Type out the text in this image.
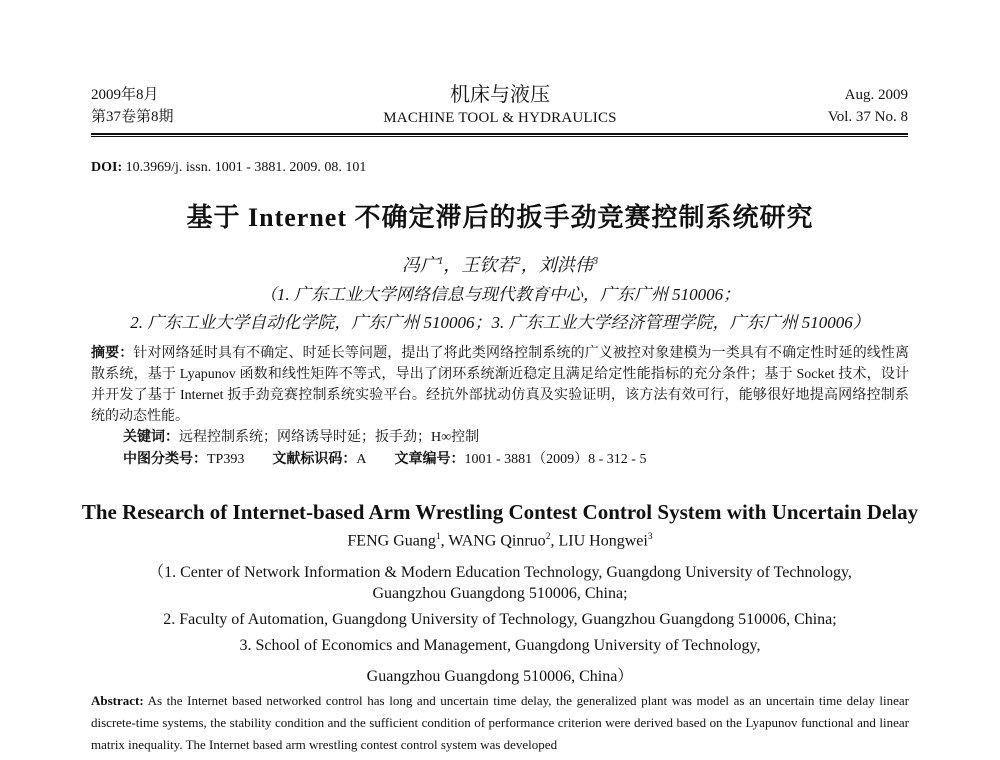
2009年8月
第37卷第8期
机床与液压
MACHINE TOOL & HYDRAULICS
Aug. 2009
Vol. 37 No. 8
DOI: 10.3969/j. issn. 1001 - 3881. 2009. 08. 101
基于 Internet 不确定滞后的扳手劲竞赛控制系统研究
冯广$^1$，王钦若$^2$，刘洪伟$^3$
（1. 广东工业大学网络信息与现代教育中心，广东广州 510006；
2. 广东工业大学自动化学院，广东广州 510006；3. 广东工业大学经济管理学院，广东广州 510006）
摘要：针对网络延时具有不确定、时延长等问题，提出了将此类网络控制系统的广义被控对象建模为一类具有不确定性时延的线性离散系统，基于 Lyapunov 函数和线性矩阵不等式，导出了闭环系统渐近稳定且满足给定性能指标的充分条件；基于 Socket 技术，设计并开发了基于 Internet 扳手劲竞赛控制系统实验平台。经抗外部扰动仿真及实验证明，该方法有效可行，能够很好地提高网络控制系统的动态性能。
关键词：远程控制系统；网络诱导时延；扳手劲；H∞控制
中图分类号：TP393 文献标识码：A 文章编号：1001 - 3881（2009）8 - 312 - 5
The Research of Internet-based Arm Wrestling Contest Control System with Uncertain Delay
FENG Guang$^1$, WANG Qinruo$^2$, LIU Hongwei$^3$
（1. Center of Network Information & Modern Education Technology, Guangdong University of Technology,
Guangzhou Guangdong 510006, China;
2. Faculty of Automation, Guangdong University of Technology, Guangzhou Guangdong 510006, China;
3. School of Economics and Management, Guangdong University of Technology,
Guangzhou Guangdong 510006, China）
Abstract: As the Internet based networked control has long and uncertain time delay, the generalized plant was model as an uncertain time delay linear discrete-time systems, the stability condition and the sufficient condition of performance criterion were derived based on the Lyapunov functional and linear matrix inequality. The Internet based arm wrestling contest control system was developed
